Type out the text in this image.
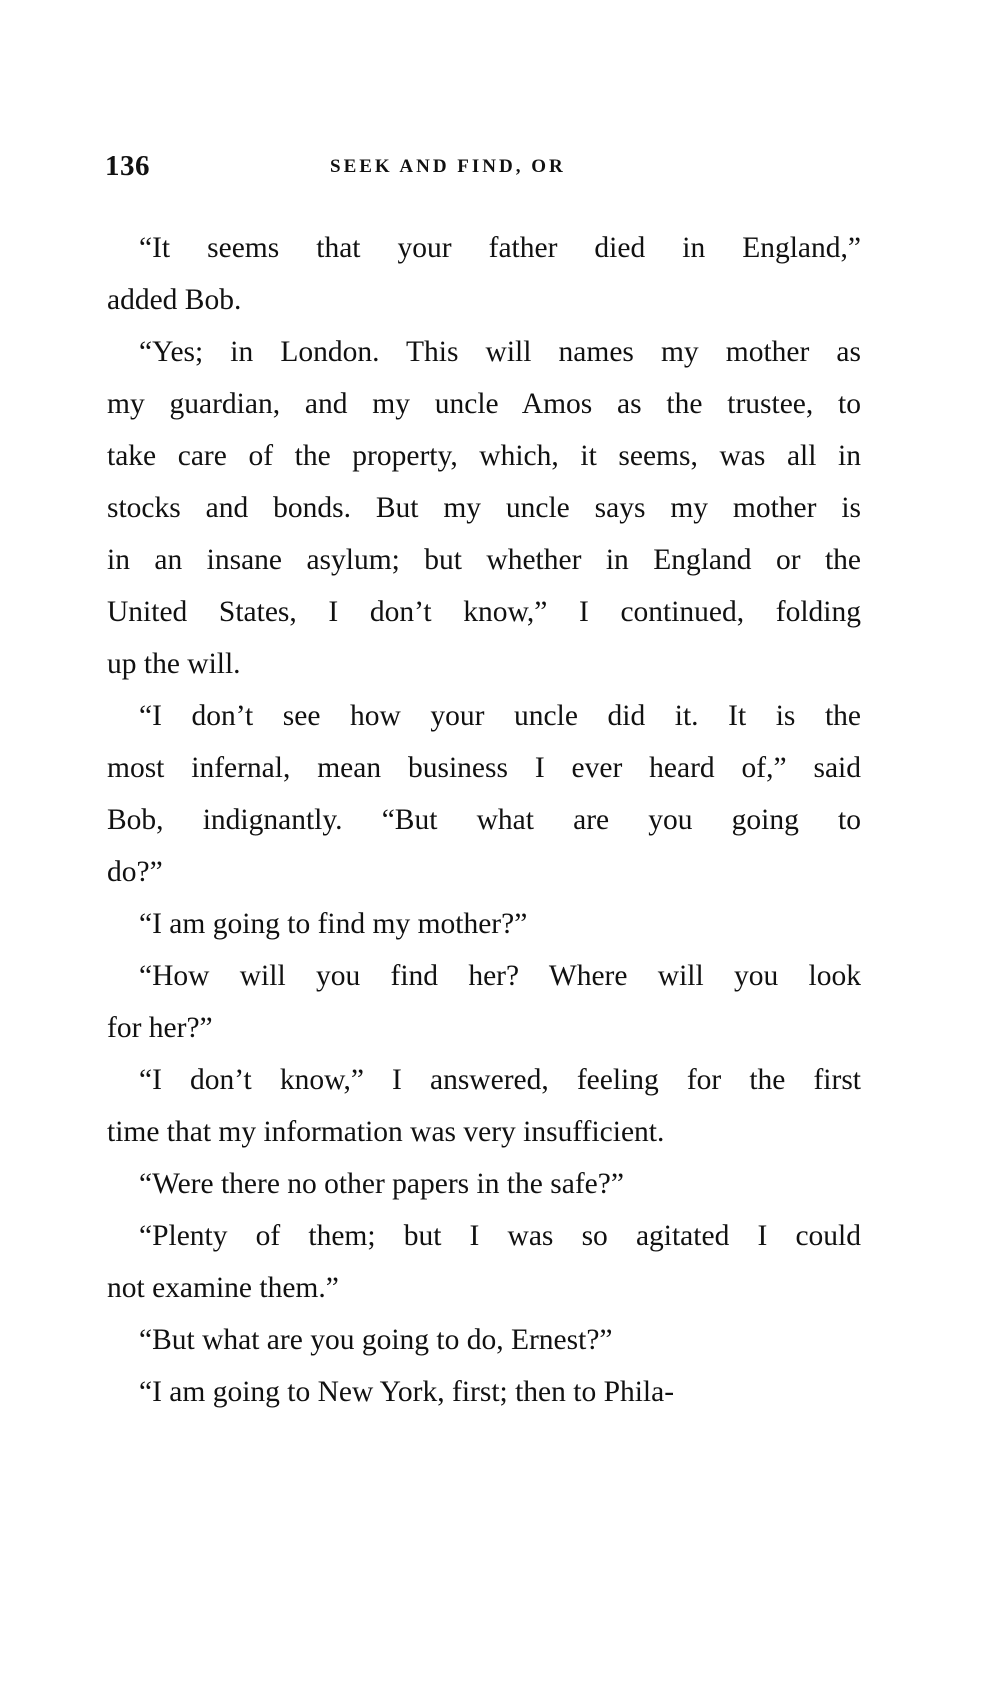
136	SEEK AND FIND, OR
“It seems that your father died in England,”
added Bob.
“Yes; in London. This will names my mother as
my guardian, and my uncle Amos as the trustee, to
take care of the property, which, it seems, was all in
stocks and bonds. But my uncle says my mother is
in an insane asylum; but whether in England or the
United States, I don’t know,” I continued, folding
up the will.
“I don’t see how your uncle did it. It is the
most infernal, mean business I ever heard of,” said
Bob, indignantly. “But what are you going to
do?”
“I am going to find my mother?”
“How will you find her? Where will you look
for her?”
“I don’t know,” I answered, feeling for the first
time that my information was very insufficient.
“Were there no other papers in the safe?”
“Plenty of them; but I was so agitated I could
not examine them.”
“But what are you going to do, Ernest?”
“I am going to New York, first; then to Phila-
